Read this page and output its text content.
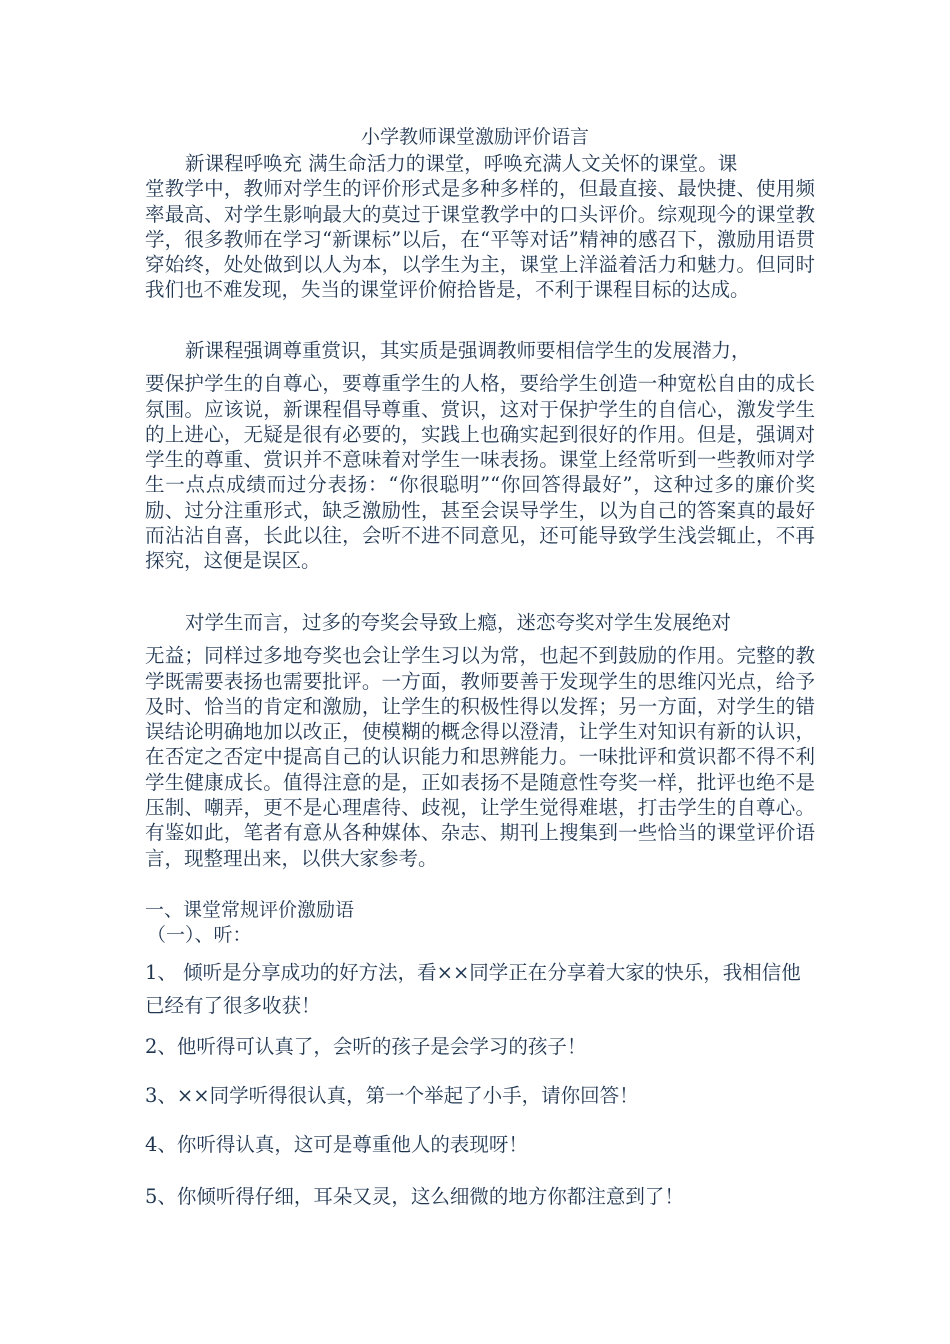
小学教师课堂激励评价语言
新课程呼唤充 满生命活力的课堂，呼唤充满人文关怀的课堂。课
堂教学中，教师对学生的评价形式是多种多样的，但最直接、最快捷、使用频率最高、对学生影响最大的莫过于课堂教学中的口头评价。综观现今的课堂教学，很多教师在学习“新课标”以后，在“平等对话”精神的感召下，激励用语贯穿始终，处处做到以人为本，以学生为主，课堂上洋溢着活力和魅力。但同时我们也不难发现，失当的课堂评价俯拾皆是，不利于课程目标的达成。
新课程强调尊重赏识，其实质是强调教师要相信学生的发展潜力，
要保护学生的自尊心，要尊重学生的人格，要给学生创造一种宽松自由的成长氛围。应该说，新课程倡导尊重、赏识，这对于保护学生的自信心，激发学生的上进心，无疑是很有必要的，实践上也确实起到很好的作用。但是，强调对学生的尊重、赏识并不意味着对学生一味表扬。课堂上经常听到一些教师对学生一点点成绩而过分表扬：“你很聪明”“你回答得最好”，这种过多的廉价奖励、过分注重形式，缺乏激励性，甚至会误导学生，以为自己的答案真的最好而沾沾自喜，长此以往，会听不进不同意见，还可能导致学生浅尝辄止，不再探究，这便是误区。
对学生而言，过多的夸奖会导致上瘾，迷恋夸奖对学生发展绝对
无益；同样过多地夸奖也会让学生习以为常，也起不到鼓励的作用。完整的教学既需要表扬也需要批评。一方面，教师要善于发现学生的思维闪光点，给予及时、恰当的肯定和激励，让学生的积极性得以发挥；另一方面，对学生的错误结论明确地加以改正，使模糊的概念得以澄清，让学生对知识有新的认识，在否定之否定中提高自己的认识能力和思辨能力。一味批评和赏识都不得不利学生健康成长。值得注意的是，正如表扬不是随意性夸奖一样，批评也绝不是压制、嘲弄，更不是心理虐待、歧视，让学生觉得难堪，打击学生的自尊心。有鉴如此，笔者有意从各种媒体、杂志、期刊上搜集到一些恰当的课堂评价语言，现整理出来，以供大家参考。
一、课堂常规评价激励语
（一）、听：
1、 倾听是分享成功的好方法，看××同学正在分享着大家的快乐，我相信他已经有了很多收获！
2、他听得可认真了，会听的孩子是会学习的孩子！
3、××同学听得很认真，第一个举起了小手，请你回答！
4、你听得认真，这可是尊重他人的表现呀！
5、你倾听得仔细，耳朵又灵，这么细微的地方你都注意到了！
